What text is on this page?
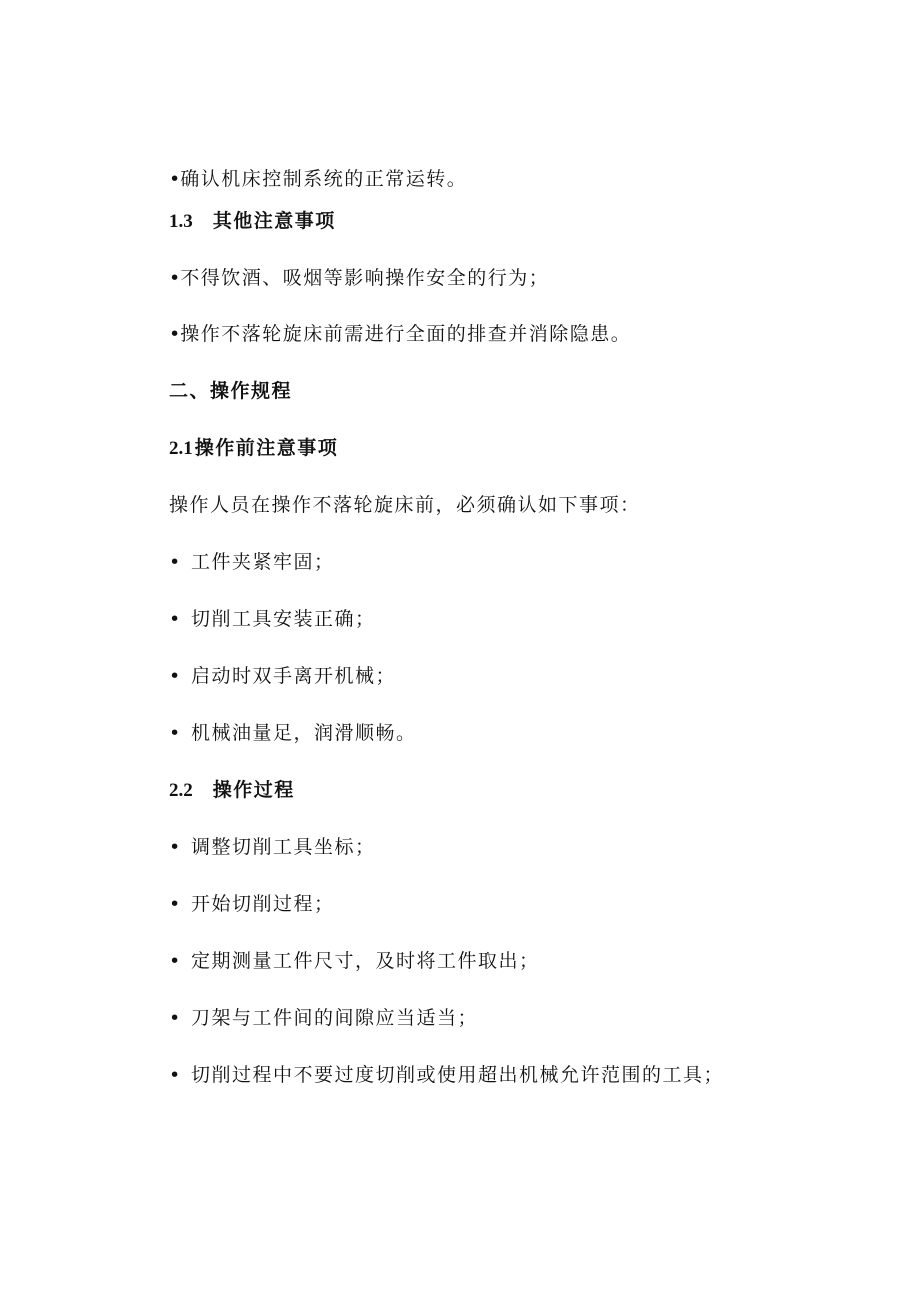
•确认机床控制系统的正常运转。
1.3 其他注意事项
•不得饮酒、吸烟等影响操作安全的行为；
•操作不落轮旋床前需进行全面的排查并消除隐患。
二、操作规程
2.1 操作前注意事项
操作人员在操作不落轮旋床前，必须确认如下事项：
• 工件夹紧牢固；
• 切削工具安装正确；
• 启动时双手离开机械；
• 机械油量足，润滑顺畅。
2.2 操作过程
• 调整切削工具坐标；
• 开始切削过程；
• 定期测量工件尺寸，及时将工件取出；
• 刀架与工件间的间隙应当适当；
• 切削过程中不要过度切削或使用超出机械允许范围的工具；
